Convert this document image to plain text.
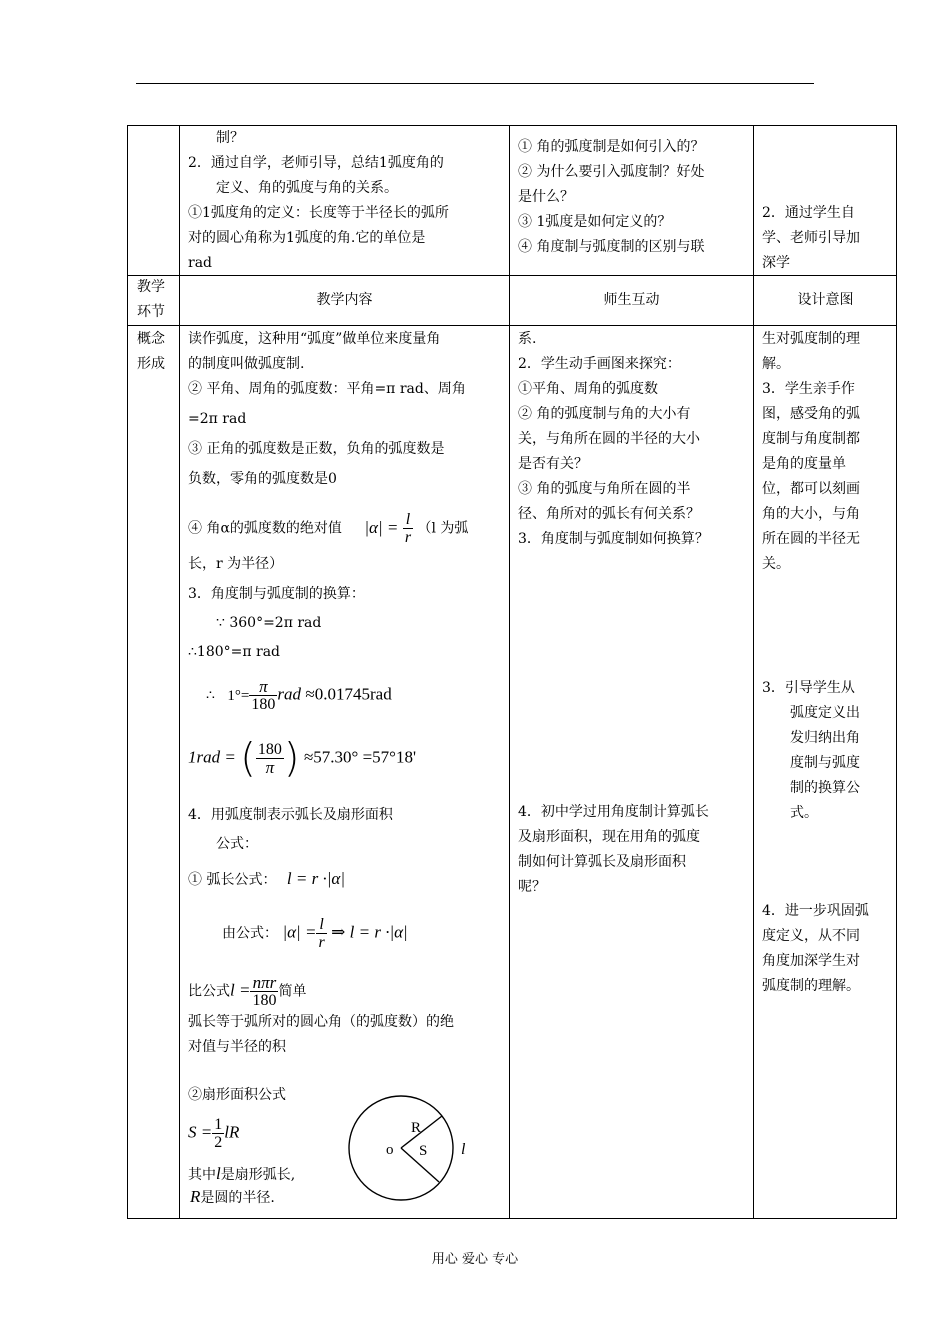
制？
2．通过自学，老师引导，总结1弧度角的
定义、角的弧度与角的关系。
①1弧度角的定义：长度等于半径长的弧所
对的圆心角称为1弧度的角.它的单位是
rad
① 角的弧度制是如何引入的？
② 为什么要引入弧度制？好处
是什么？
③ 1弧度是如何定义的？
④ 角度制与弧度制的区别与联
2．通过学生自
学、老师引导加
深学
教学
环节
教学内容	师生互动	设计意图
概念
形成
读作弧度，这种用“弧度”做单位来度量角
的制度叫做弧度制.
② 平角、周角的弧度数：平角=π rad、周角
=2π rad
③ 正角的弧度数是正数，负角的弧度数是
负数，零角的弧度数是0
④ 角α的弧度数的绝对值 $|\alpha| = \frac{l}{r} (l$ 为弧
长，r 为半径）
3．角度制与弧度制的换算：
∵ 360°=2π rad
∴180°=π rad
∴ $1^\circ= \frac{\pi}{180}$ rad ≈0.01745rad
1rad = ( $\frac{180}{\pi}$ ) ≈57.30° =57°18'
4．用弧度制表示弧长及扇形面积
公式：
① 弧长公式： l = r ·|α|
由公式： $|\alpha| = \frac{l}{r}$ ⇒ l = r ·|α|
比公式$l = \frac{\text{nπr}}{180}$ 简单
弧长等于弧所对的圆心角（的弧度数）的绝
对值与半径的积
②扇形面积公式
$S = \frac{1}{2}$ lR
其中l是扇形弧长,
R是圆的半径.
o
R
S l
系.
2．学生动手画图来探究：
①平角、周角的弧度数
② 角的弧度制与角的大小有
关，与角所在圆的半径的大小
是否有关？
③ 角的弧度与角所在圆的半
径、角所对的弧长有何关系？
3．角度制与弧度制如何换算？
4．初中学过用角度制计算弧长
及扇形面积，现在用角的弧度
制如何计算弧长及扇形面积
呢？
生对弧度制的理
解。
3．学生亲手作
图，感受角的弧
度制与角度制都
是角的度量单
位，都可以刻画
角的大小，与角
所在圆的半径无
关。
3．引导学生从
弧度定义出
发归纳出角
度制与弧度
制的换算公
式。
4．进一步巩固弧
度定义，从不同
角度加深学生对
弧度制的理解。
用心 爱心 专心
